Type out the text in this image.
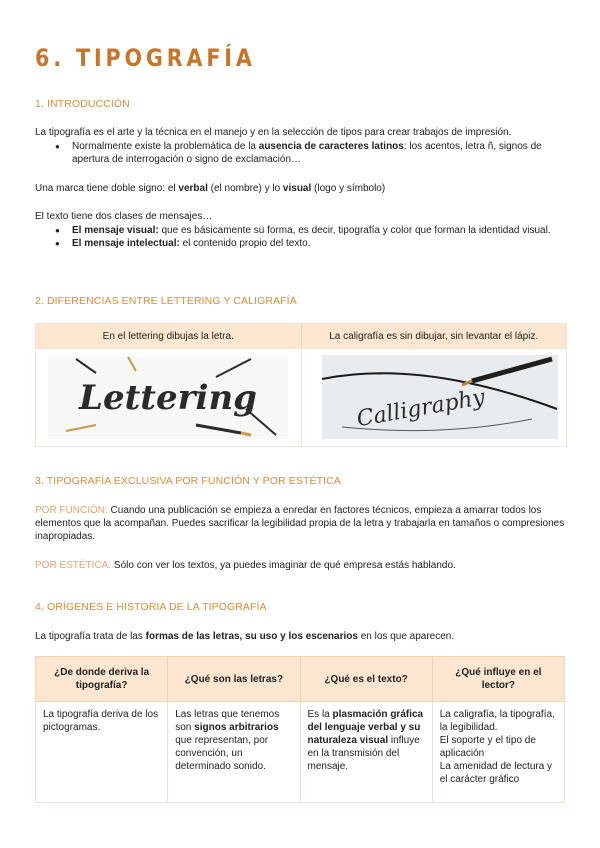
6. TIPOGRAFÍA
1. INTRODUCCIÓN

La tipografía es el arte y la técnica en el manejo y en la selección de tipos para crear trabajos de impresión.

● Normalmente existe la problemática de la ausencia de caracteres latinos: los acentos, letra ñ, signos de apertura de interrogación o signo de exclamación…

Una marca tiene doble signo: el verbal (el nombre) y lo visual (logo y símbolo)

El texto tiene dos clases de mensajes…

● El mensaje visual: que es básicamente su forma, es decir, tipografía y color que forman la identidad visual.
● El mensaje intelectual: el contenido propio del texto.
2. DIFERENCIAS ENTRE LETTERING Y CALIGRAFÍA
En el lettering dibujas la letra.	La caligrafía es sin dibujar, sin levantar el lápiz.
Lettering	Calligraphy
3. TIPOGRAFÍA EXCLUSIVA POR FUNCIÓN Y POR ESTÉTICA

POR FUNCIÓN: Cuando una publicación se empieza a enredar en factores técnicos, empieza a amarrar todos los elementos que la acompañan. Puedes sacrificar la legibilidad propia de la letra y trabajarla en tamaños o compresiones inapropiadas.

POR ESTÉTICA: Sólo con ver los textos, ya puedes imaginar de qué empresa estás hablando.

4. ORÍGENES E HISTORIA DE LA TIPOGRAFÍA

La tipografía trata de las formas de las letras, su uso y los escenarios en los que aparecen.

¿De donde deriva la tipografía?	¿Qué son las letras?	¿Qué es el texto?	¿Qué influye en el lector?
La tipografía deriva de los pictogramas.	Las letras que tenemos son signos arbitrarios que representan, por convención, un determinado sonido.	Es la plasmación gráfica del lenguaje verbal y su naturaleza visual influye en la transmisión del mensaje.	La caligrafía, la tipografía, la legibilidad.
El soporte y el tipo de aplicación
La amenidad de lectura y el carácter gráfico
